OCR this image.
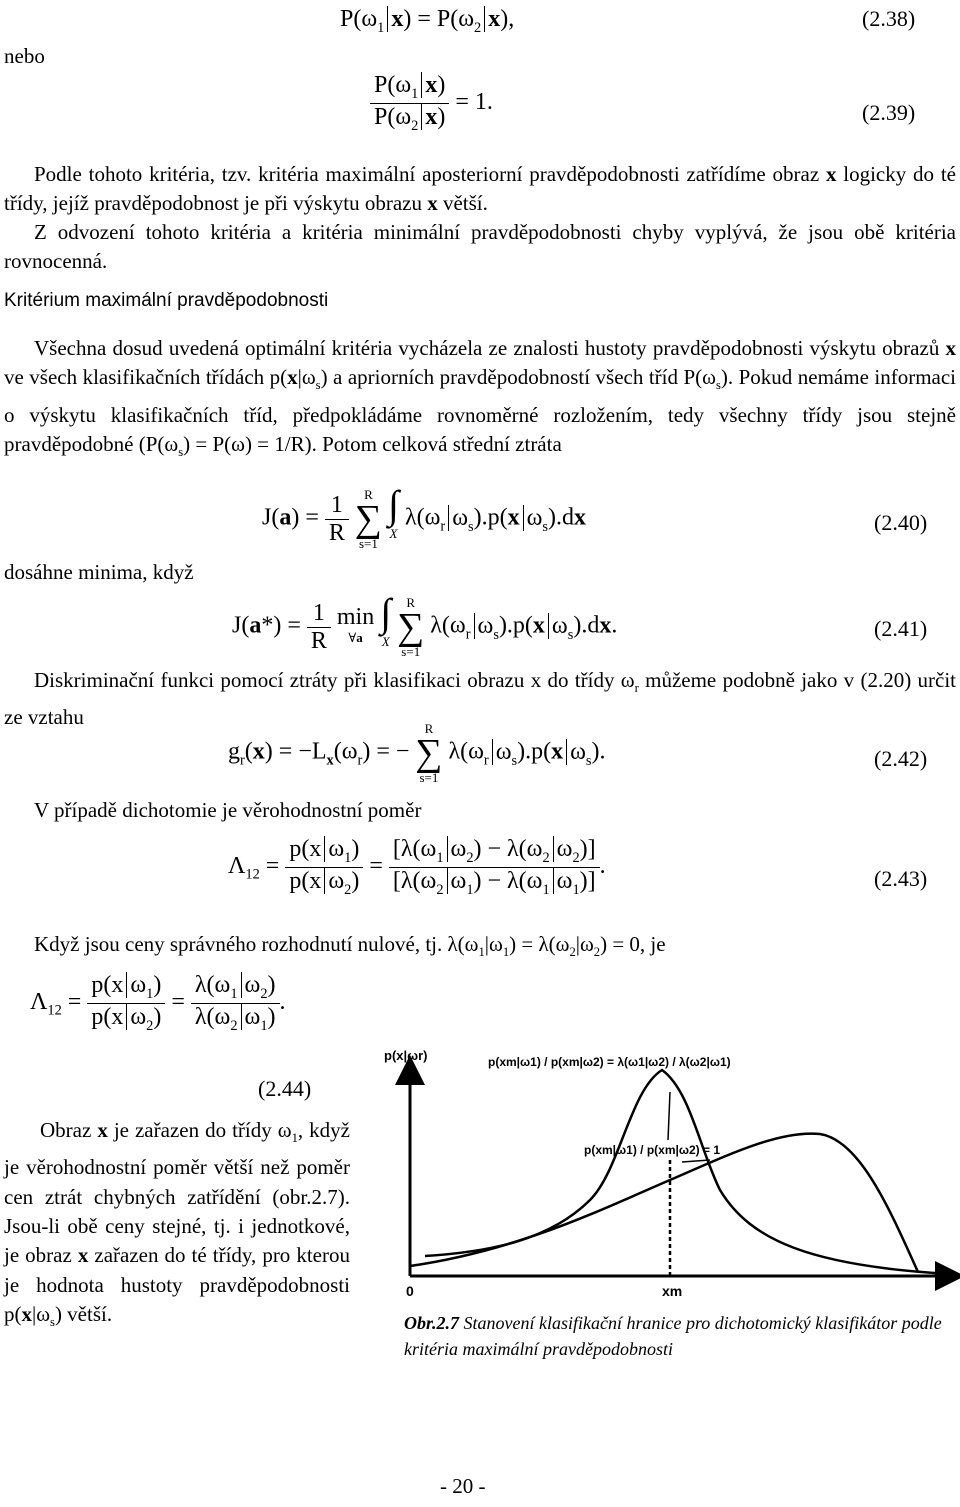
$P(\omega_1$ $x) = P(\omega_2$ x),
nebo
(2.38)
$\frac{P(\omega_1 x)}{P(\omega_2 x)} = 1$.	(2.39)
Podle tohoto kritéria, tzv. kritéria maximální aposteriorní pravděpodobnosti zatřídíme obraz x logicky do té třídy, jejíž pravděpodobnost je při výskytu obrazu x větší.
Z odvození tohoto kritéria a kritéria minimální pravděpodobnosti chyby vyplývá, že jsou obě kritéria rovnocenná.
Kritérium maximální pravděpodobnosti
Všechna dosud uvedená optimální kritéria vycházela ze znalosti hustoty pravděpodobnosti výskytu obrazů x ve všech klasifikačních třídách $p(x|\omega_s)$ a apriorních pravděpodobností všech tříd $P(\omega_s)$. Pokud nemáme informaci o výskytu klasifikačních tříd, předpokládáme rovnoměrné rozložením, tedy všechny třídy jsou stejně pravděpodobné $(P(\omega_s) = P(\omega) = 1/R)$. Potom celková střední ztráta
$J(a) = \frac{1}{R}$ R
∑
s=1 ∫
X $\lambda(\omega_r$ $\omega_s).p(x$ $\omega_s).dx$	(2.40)
dosáhne minima, když
$J(a*) = \frac{1}{R}$ min
∀a ∫
X R
∑
s=1 $\lambda(\omega_r$ $\omega_s).p(x$ $\omega_s).dx$.	(2.41)
Diskriminační funkci pomocí ztráty při klasifikaci obrazu x do třídy $\omega_r$ můžeme podobně jako v (2.20) určit ze vztahu
$g_r(x) = -L_x(\omega_r)$ = − R
∑
s=1 $\lambda(\omega_r$ $\omega_s).p(x$ $\omega_s$).	(2.42)
V případě dichotomie je věrohodnostní poměr
$\Lambda_{12} = \frac{p(x \omega_1)}{p(x \omega_2)} = \frac{[\lambda(\omega_1 \omega_2) - \lambda(\omega_2 \omega_2)]}{[\lambda(\omega_2 \omega_1) - \lambda(\omega_1 \omega_1)]}$ .	(2.43)
Když jsou ceny správného rozhodnutí nulové, tj. $\lambda(\omega_1|\omega_1) = \lambda(\omega_2|\omega_2) = 0$, je
$\Lambda_{12} = \frac{p(x \omega_1)}{p(x \omega_2)} = \frac{\lambda(\omega_1 \omega_2)}{\lambda(\omega_2 \omega_1)}$ .
(2.44)
Obraz x je zařazen do třídy $\omega_1$, když je věrohodnostní poměr větší než poměr cen ztrát chybných zatřídění (obr.2.7). Jsou-li obě ceny stejné, tj. i jednotkové, je obraz x zařazen do té třídy, pro kterou je hodnota hustoty pravděpodobnosti $p(x|\omega_s)$ větší.
p(x|ωr)	p(xm|ω1) / p(xm|ω2) = λ(ω1|ω2) / λ(ω2|ω1)
p(xm|ω1) / p(xm|ω2) = 1
0	xm
Obr.2.7 Stanovení klasifikační hranice pro dichotomický klasifikátor podle kritéria maximální pravděpodobnosti
- 20 -
